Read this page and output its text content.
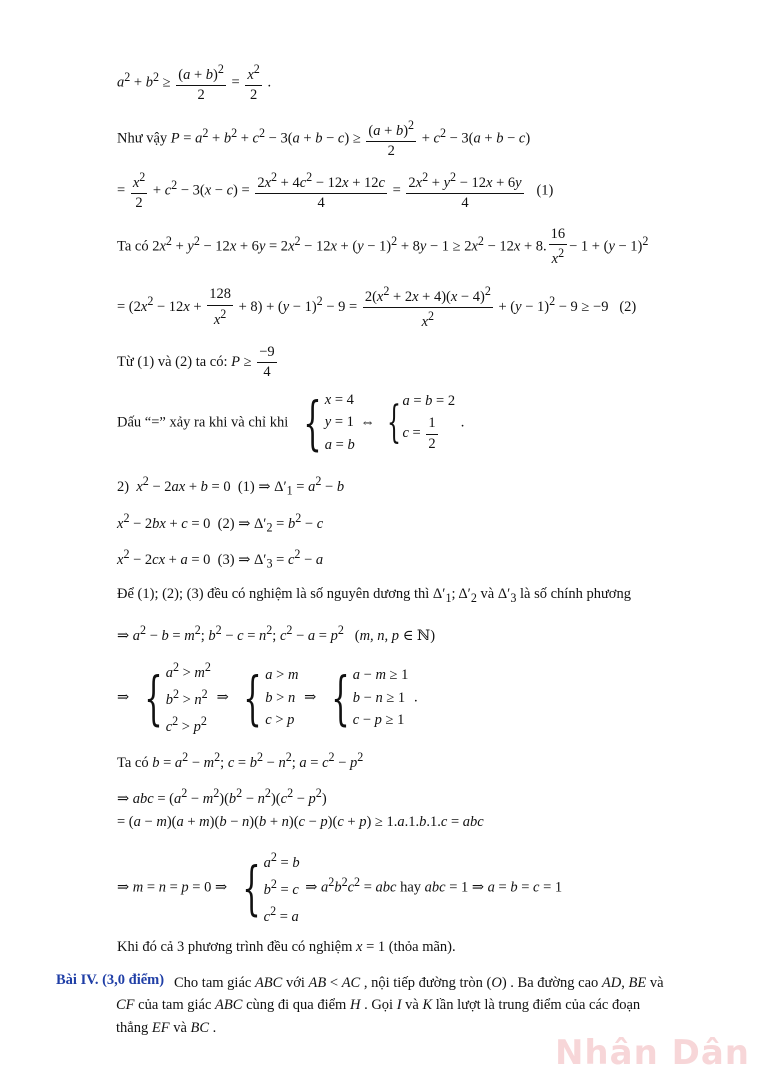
$a^2 + b^2 \ge \frac{(a + b)^2}{2} = \frac{x^2}{2}$ .
Như vậy $P = a^2 + b^2 + c^2 - 3(a + b - c) \ge \frac{(a + b)^2}{2} + c^2 - 3(a + b - c)$
= $\frac{x^2}{2} + c^2 - 3(x - c) = \frac{2x^2 + 4c^2 - 12x + 12c}{4} = \frac{2x^2 + y^2 - 12x + 6y}{4} (1)$
Ta có $2x^2 + y^2 - 12x + 6y = 2x^2 - 12x + (y - 1)^2 + 8y - 1 \ge 2x^2 - 12x + 8$. $\frac{16}{x^2} - 1 + (y - 1)^2$
= $(2x^2 - 12x + \frac{128}{x^2} + 8) + (y - 1)^2 - 9 = \frac{2(x^2 + 2x + 4)(x - 4)^2}{x^2} + (y - 1)^2 - 9 \ge -9$   (2)
Từ (1) và (2) ta có: $P \ge \frac{-9}{4}$
Dấu “=” xảy ra khi và chỉ khi { x = 4
y = 1
a = b
⇔ { a = b = 2
$c = \frac{1}{2}$ .
2)  $x^2 - 2ax + b = 0$  (1) ⇒ $\Delta'_1 = a^2 - b$
$x^2 - 2bx + c = 0$  (2) ⇒ $\Delta'_2 = b^2 - c$
$x^2 - 2cx + a = 0$  (3) ⇒ $\Delta'_3 = c^2 - a$
Để (1); (2); (3) đều có nghiệm là số nguyên dương thì $\Delta'_1$; $\Delta'_2$ và $\Delta'_3$ là số chính phương
⇒ $a^2 - b = m^2$; $b^2 - c = n^2$; $c^2 - a = p^2$   (m, n, p ∈ ℕ)
⇒ { $a^2 > m^2$
$b^2 > n^2$
$c^2 > p^2$
⇒ { a > m
b > n
c > p
⇒ { a − m ≥ 1
b − n ≥ 1
c − p ≥ 1
.
Ta có $b = a^2 - m^2$; $c = b^2 - n^2$; $a = c^2 - p^2$
⇒ abc = $(a^2 - m^2)(b^2 - n^2)(c^2 - p^2)$
= (a − m)(a + m)(b − n)(b + n)(c − p)(c + p) ≥ 1.a.1.b.1.c = abc
⇒ m = n = p = 0 ⇒ { $a^2 = b$
$b^2 = c$
$c^2 = a$
⇒ $a^2b^2c^2$ = abc hay abc = 1 ⇒ a = b = c = 1
Khi đó cả 3 phương trình đều có nghiệm x = 1 (thỏa mãn).
Bài IV. (3,0 điểm) Cho tam giác ABC với AB < AC , nội tiếp đường tròn (O) . Ba đường cao AD, BE và
CF của tam giác ABC cùng đi qua điểm H . Gọi I và K lần lượt là trung điểm của các đoạn
thẳng EF và BC .
Nhân Dân
